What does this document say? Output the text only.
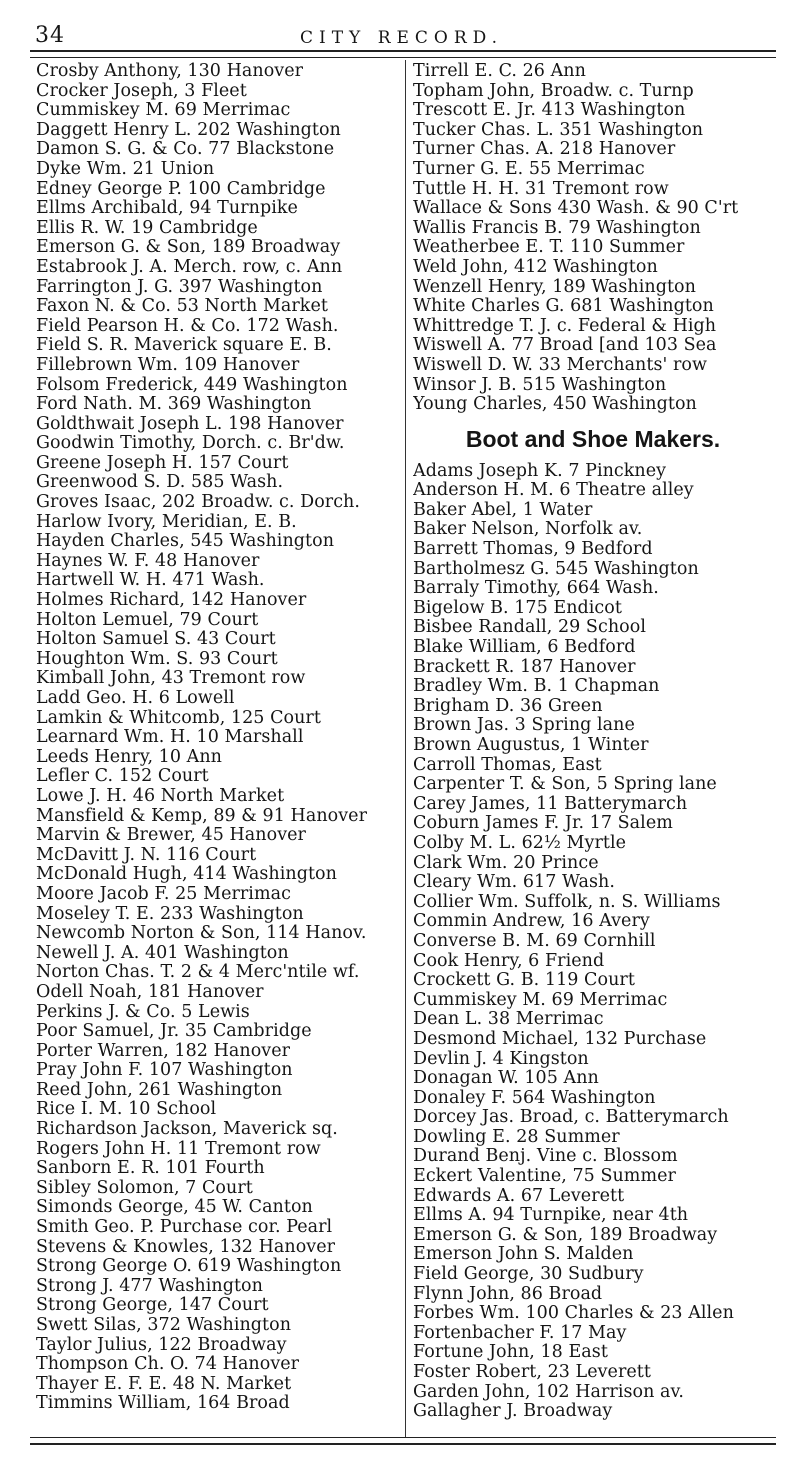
34	CITY RECORD.
Crosby Anthony, 130 Hanover
Crocker Joseph, 3 Fleet
Cummiskey M. 69 Merrimac
Daggett Henry L. 202 Washington
Damon S. G. & Co. 77 Blackstone
Dyke Wm. 21 Union
Edney George P. 100 Cambridge
Ellms Archibald, 94 Turnpike
Ellis R. W. 19 Cambridge
Emerson G. & Son, 189 Broadway
Estabrook J. A. Merch. row, c. Ann
Farrington J. G. 397 Washington
Faxon N. & Co. 53 North Market
Field Pearson H. & Co. 172 Wash.
Field S. R. Maverick square E. B.
Fillebrown Wm. 109 Hanover
Folsom Frederick, 449 Washington
Ford Nath. M. 369 Washington
Goldthwait Joseph L. 198 Hanover
Goodwin Timothy, Dorch. c. Br'dw.
Greene Joseph H. 157 Court
Greenwood S. D. 585 Wash.
Groves Isaac, 202 Broadw. c. Dorch.
Harlow Ivory, Meridian, E. B.
Hayden Charles, 545 Washington
Haynes W. F. 48 Hanover
Hartwell W. H. 471 Wash.
Holmes Richard, 142 Hanover
Holton Lemuel, 79 Court
Holton Samuel S. 43 Court
Houghton Wm. S. 93 Court
Kimball John, 43 Tremont row
Ladd Geo. H. 6 Lowell
Lamkin & Whitcomb, 125 Court
Learnard Wm. H. 10 Marshall
Leeds Henry, 10 Ann
Lefler C. 152 Court
Lowe J. H. 46 North Market
Mansfield & Kemp, 89 & 91 Hanover
Marvin & Brewer, 45 Hanover
McDavitt J. N. 116 Court
McDonald Hugh, 414 Washington
Moore Jacob F. 25 Merrimac
Moseley T. E. 233 Washington
Newcomb Norton & Son, 114 Hanov.
Newell J. A. 401 Washington
Norton Chas. T. 2 & 4 Merc'ntile wf.
Odell Noah, 181 Hanover
Perkins J. & Co. 5 Lewis
Poor Samuel, Jr. 35 Cambridge
Porter Warren, 182 Hanover
Pray John F. 107 Washington
Reed John, 261 Washington
Rice I. M. 10 School
Richardson Jackson, Maverick sq.
Rogers John H. 11 Tremont row
Sanborn E. R. 101 Fourth
Sibley Solomon, 7 Court
Simonds George, 45 W. Canton
Smith Geo. P. Purchase cor. Pearl
Stevens & Knowles, 132 Hanover
Strong George O. 619 Washington
Strong J. 477 Washington
Strong George, 147 Court
Swett Silas, 372 Washington
Taylor Julius, 122 Broadway
Thompson Ch. O. 74 Hanover
Thayer E. F. E. 48 N. Market
Timmins William, 164 Broad
Tirrell E. C. 26 Ann
Topham John, Broadw. c. Turnp
Trescott E. Jr. 413 Washington
Tucker Chas. L. 351 Washington
Turner Chas. A. 218 Hanover
Turner G. E. 55 Merrimac
Tuttle H. H. 31 Tremont row
Wallace & Sons 430 Wash. & 90 C'rt
Wallis Francis B. 79 Washington
Weatherbee E. T. 110 Summer
Weld John, 412 Washington
Wenzell Henry, 189 Washington
White Charles G. 681 Washington
Whittredge T. J. c. Federal & High
Wiswell A. 77 Broad [and 103 Sea
Wiswell D. W. 33 Merchants' row
Winsor J. B. 515 Washington
Young Charles, 450 Washington
Boot and Shoe Makers.
Adams Joseph K. 7 Pinckney
Anderson H. M. 6 Theatre alley
Baker Abel, 1 Water
Baker Nelson, Norfolk av.
Barrett Thomas, 9 Bedford
Bartholmesz G. 545 Washington
Barraly Timothy, 664 Wash.
Bigelow B. 175 Endicot
Bisbee Randall, 29 School
Blake William, 6 Bedford
Brackett R. 187 Hanover
Bradley Wm. B. 1 Chapman
Brigham D. 36 Green
Brown Jas. 3 Spring lane
Brown Augustus, 1 Winter
Carroll Thomas, East
Carpenter T. & Son, 5 Spring lane
Carey James, 11 Batterymarch
Coburn James F. Jr. 17 Salem
Colby M. L. 62½ Myrtle
Clark Wm. 20 Prince
Cleary Wm. 617 Wash.
Collier Wm. Suffolk, n. S. Williams
Commin Andrew, 16 Avery
Converse B. M. 69 Cornhill
Cook Henry, 6 Friend
Crockett G. B. 119 Court
Cummiskey M. 69 Merrimac
Dean L. 38 Merrimac
Desmond Michael, 132 Purchase
Devlin J. 4 Kingston
Donagan W. 105 Ann
Donaley F. 564 Washington
Dorcey Jas. Broad, c. Batterymarch
Dowling E. 28 Summer
Durand Benj. Vine c. Blossom
Eckert Valentine, 75 Summer
Edwards A. 67 Leverett
Ellms A. 94 Turnpike, near 4th
Emerson G. & Son, 189 Broadway
Emerson John S. Malden
Field George, 30 Sudbury
Flynn John, 86 Broad
Forbes Wm. 100 Charles & 23 Allen
Fortenbacher F. 17 May
Fortune John, 18 East
Foster Robert, 23 Leverett
Garden John, 102 Harrison av.
Gallagher J. Broadway
